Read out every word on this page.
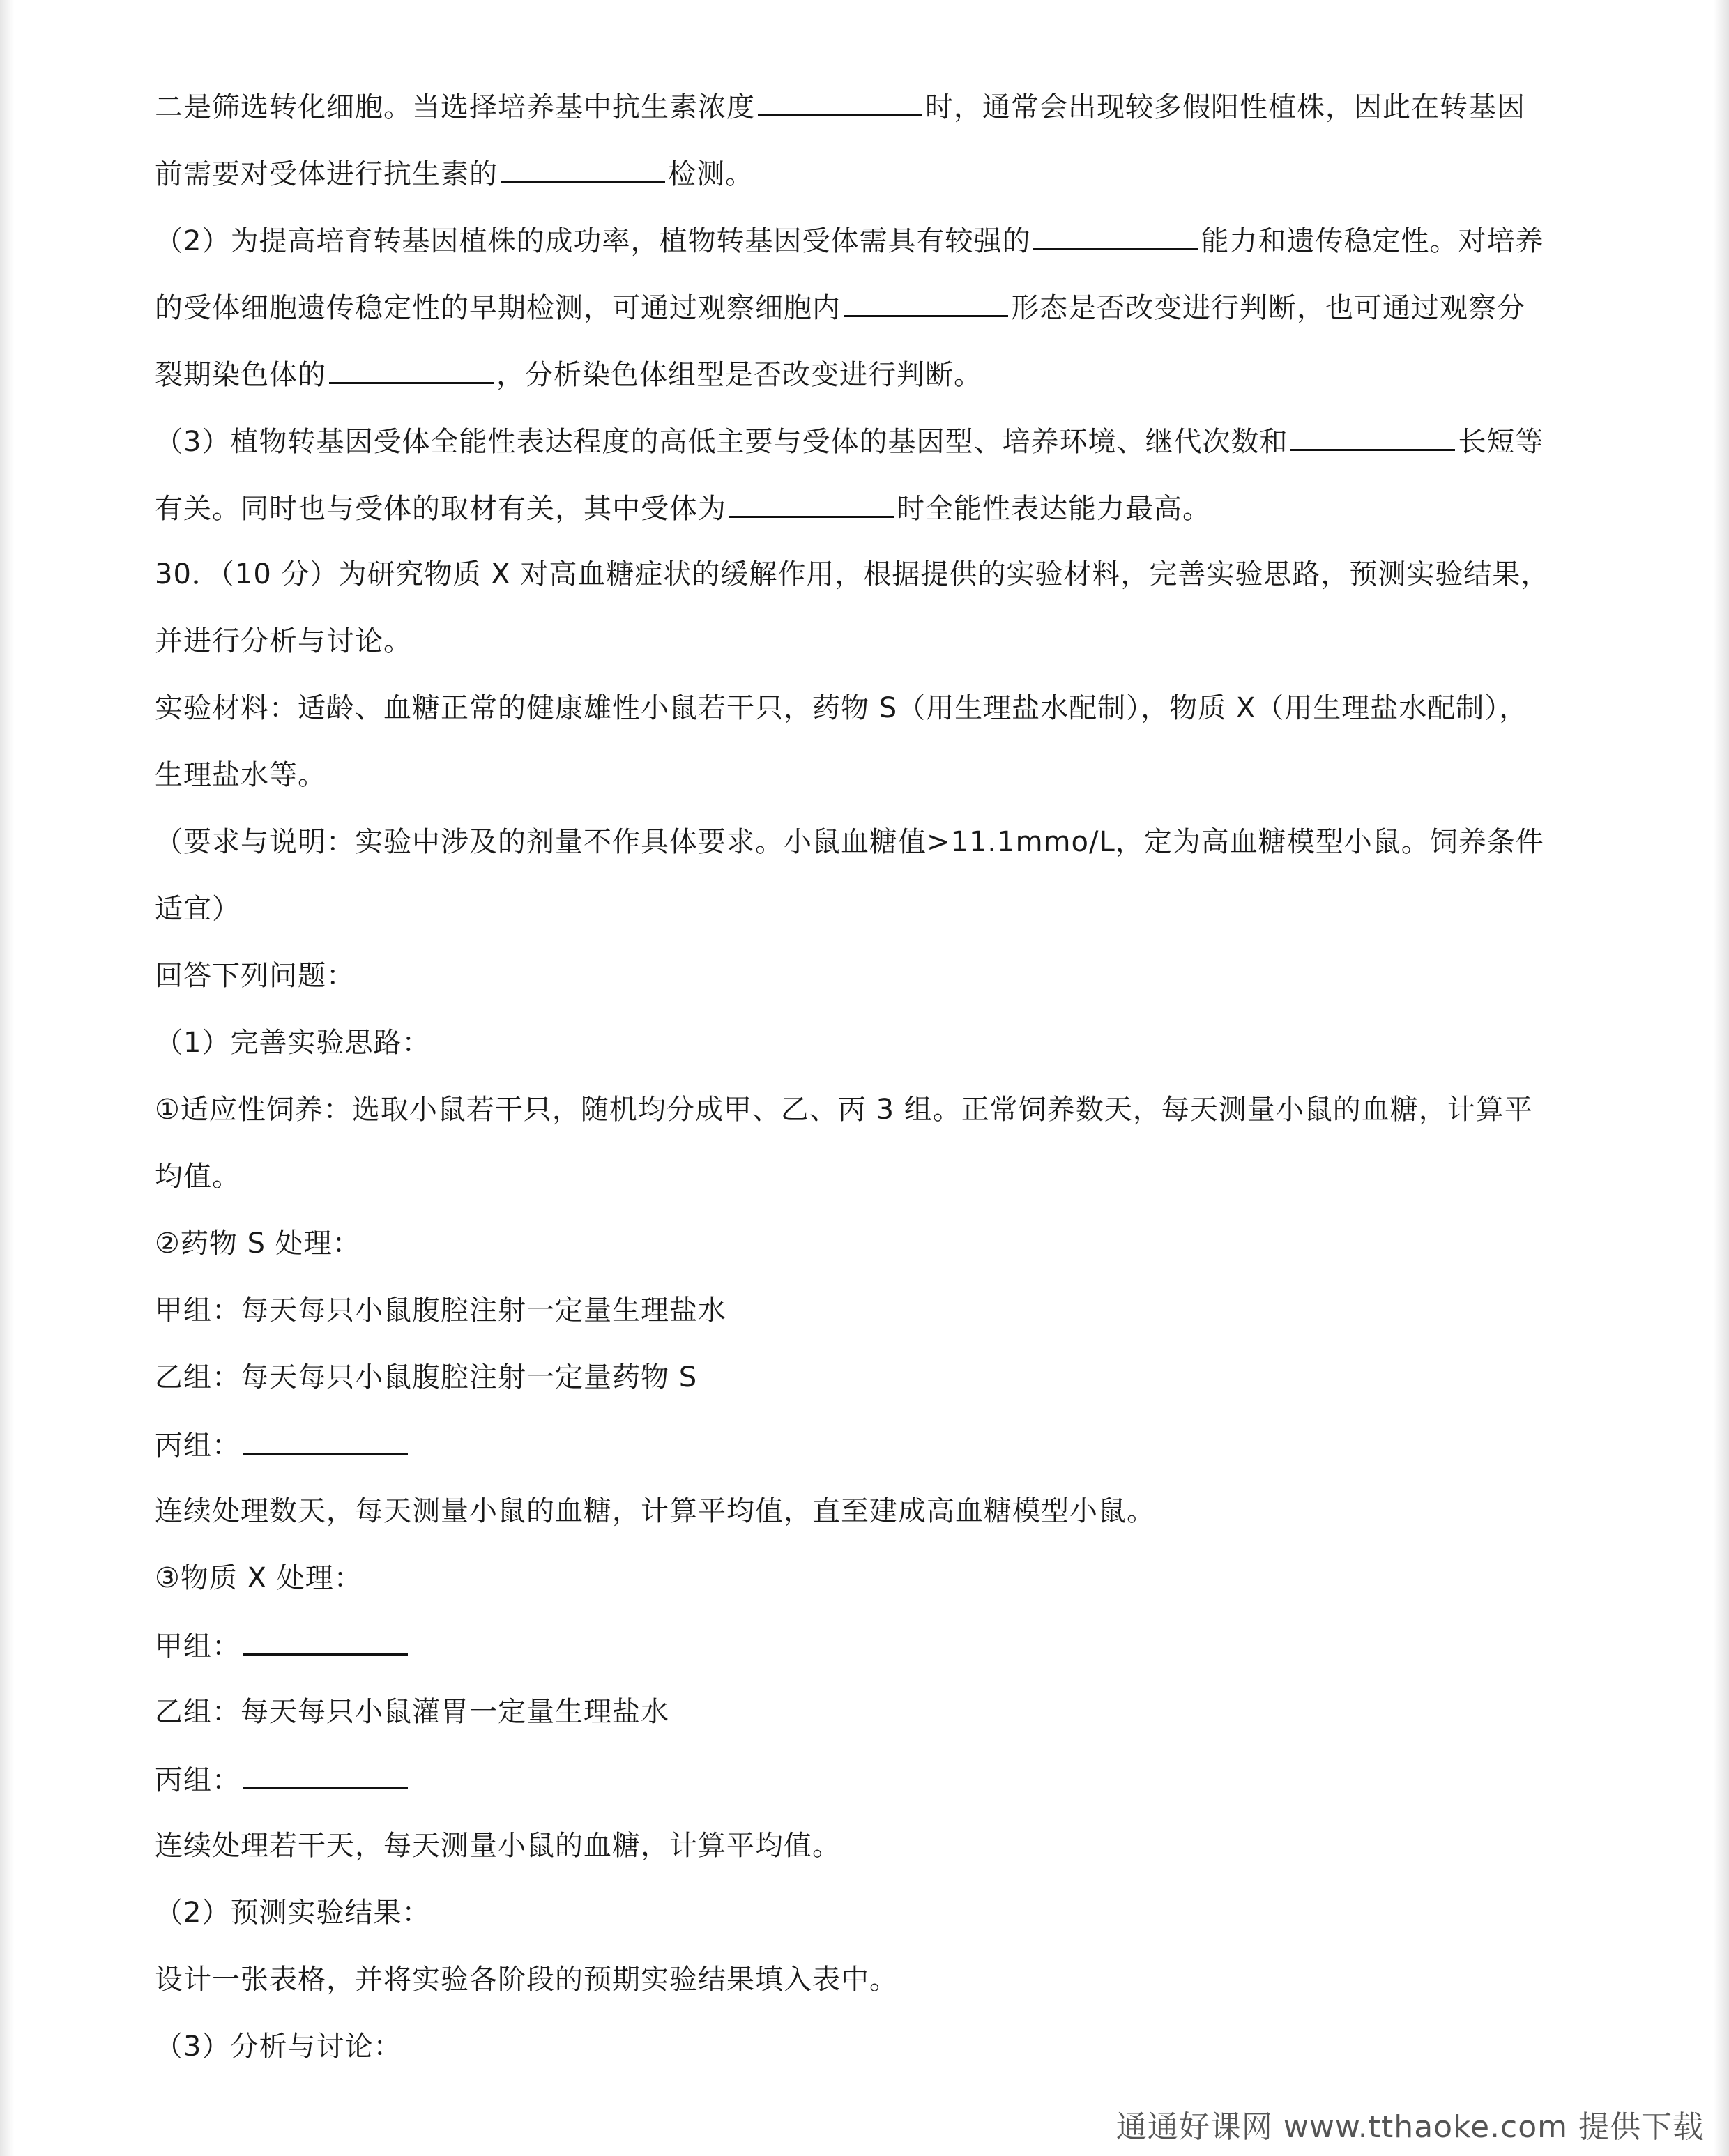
二是筛选转化细胞。当选择培养基中抗生素浓度	时，通常会出现较多假阳性植株，因此在转基因
前需要对受体进行抗生素的	检测。
（2）为提高培育转基因植株的成功率，植物转基因受体需具有较强的	能力和遗传稳定性。对培养
的受体细胞遗传稳定性的早期检测，可通过观察细胞内	形态是否改变进行判断，也可通过观察分
裂期染色体的	，分析染色体组型是否改变进行判断。
（3）植物转基因受体全能性表达程度的高低主要与受体的基因型、培养环境、继代次数和	长短等
有关。同时也与受体的取材有关，其中受体为	时全能性表达能力最高。
30．（10 分）为研究物质 X 对高血糖症状的缓解作用，根据提供的实验材料，完善实验思路，预测实验结果，
并进行分析与讨论。
实验材料：适龄、血糖正常的健康雄性小鼠若干只，药物 S（用生理盐水配制），物质 X（用生理盐水配制），
生理盐水等。
（要求与说明：实验中涉及的剂量不作具体要求。小鼠血糖值>11.1mmo/L，定为高血糖模型小鼠。饲养条件
适宜）
回答下列问题：
（1）完善实验思路：
①适应性饲养：选取小鼠若干只，随机均分成甲、乙、丙 3 组。正常饲养数天，每天测量小鼠的血糖，计算平
均值。
②药物 S 处理：
甲组：每天每只小鼠腹腔注射一定量生理盐水
乙组：每天每只小鼠腹腔注射一定量药物 S
丙组：
连续处理数天，每天测量小鼠的血糖，计算平均值，直至建成高血糖模型小鼠。
③物质 X 处理：
甲组：
乙组：每天每只小鼠灌胃一定量生理盐水
丙组：
连续处理若干天，每天测量小鼠的血糖，计算平均值。
（2）预测实验结果：
设计一张表格，并将实验各阶段的预期实验结果填入表中。
（3）分析与讨论：
通通好课网 www.tthaoke.com 提供下载
